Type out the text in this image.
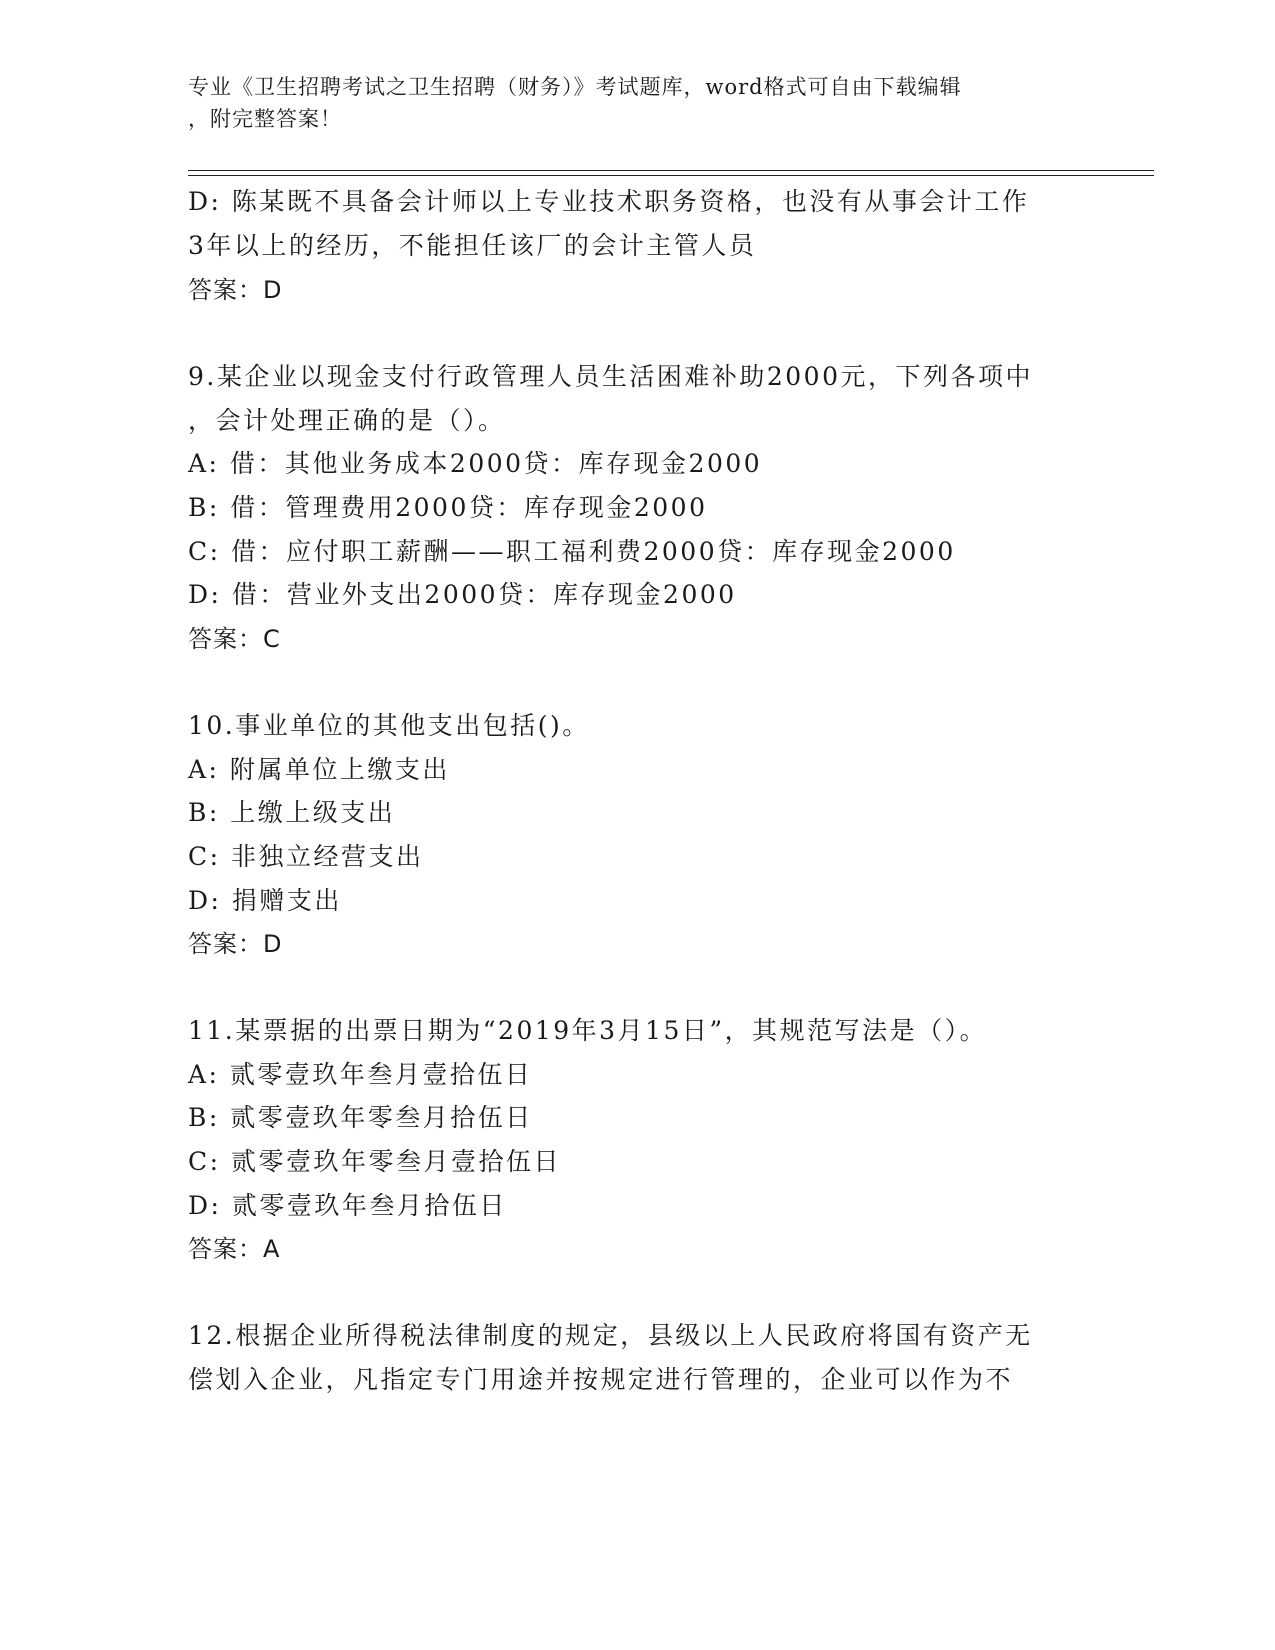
专业《卫生招聘考试之卫生招聘（财务）》考试题库，word格式可自由下载编辑
，附完整答案！
D: 陈某既不具备会计师以上专业技术职务资格，也没有从事会计工作
3年以上的经历，不能担任该厂的会计主管人员
答案：D
9.某企业以现金支付行政管理人员生活困难补助2000元，下列各项中
，会计处理正确的是（）。
A: 借：其他业务成本2000贷：库存现金2000
B: 借：管理费用2000贷：库存现金2000
C: 借：应付职工薪酬——职工福利费2000贷：库存现金2000
D: 借：营业外支出2000贷：库存现金2000
答案：C
10.事业单位的其他支出包括()。
A: 附属单位上缴支出
B: 上缴上级支出
C: 非独立经营支出
D: 捐赠支出
答案：D
11.某票据的出票日期为“2019年3月15日”，其规范写法是（）。
A: 贰零壹玖年叁月壹拾伍日
B: 贰零壹玖年零叁月拾伍日
C: 贰零壹玖年零叁月壹拾伍日
D: 贰零壹玖年叁月拾伍日
答案：A
12.根据企业所得税法律制度的规定，县级以上人民政府将国有资产无
偿划入企业，凡指定专门用途并按规定进行管理的，企业可以作为不
